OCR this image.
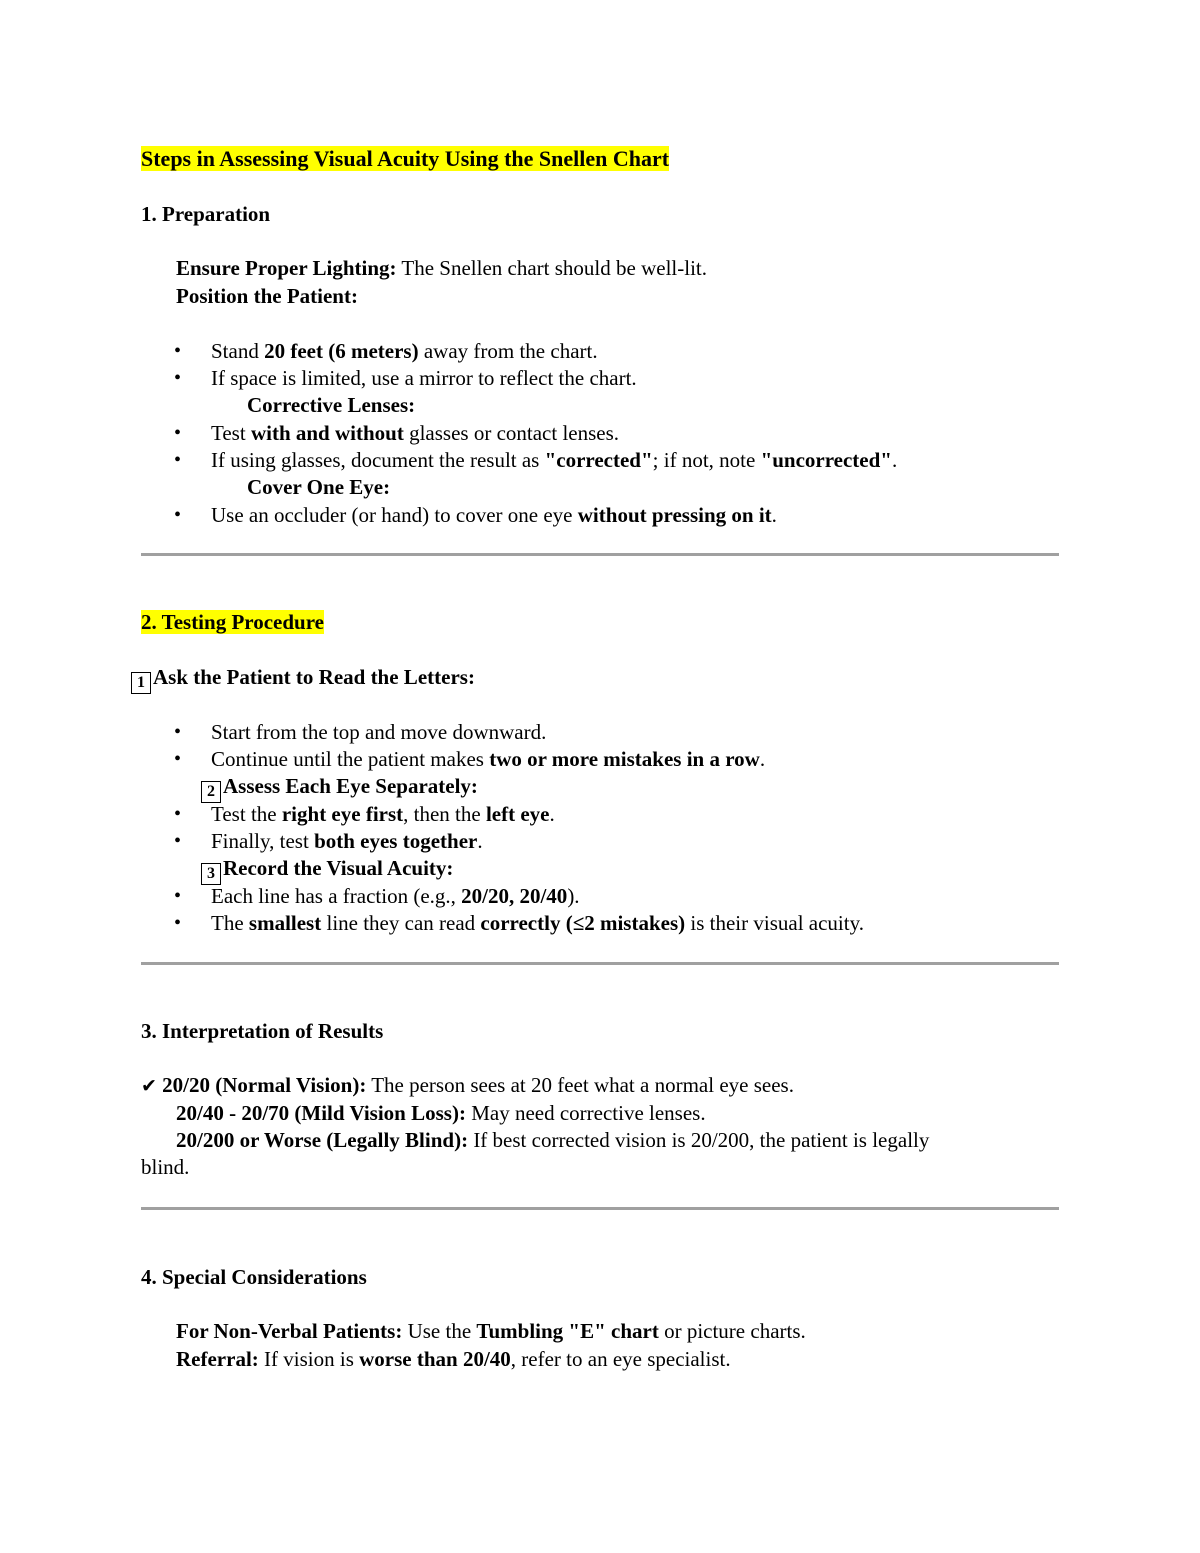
Steps in Assessing Visual Acuity Using the Snellen Chart
1. Preparation
Ensure Proper Lighting: The Snellen chart should be well-lit.
Position the Patient:
• Stand 20 feet (6 meters) away from the chart.
• If space is limited, use a mirror to reflect the chart.
Corrective Lenses:
• Test with and without glasses or contact lenses.
• If using glasses, document the result as "corrected"; if not, note "uncorrected".
Cover One Eye:
• Use an occluder (or hand) to cover one eye without pressing on it.
2. Testing Procedure
1 Ask the Patient to Read the Letters:
• Start from the top and move downward.
• Continue until the patient makes two or more mistakes in a row.
2 Assess Each Eye Separately:
• Test the right eye first, then the left eye.
• Finally, test both eyes together.
3 Record the Visual Acuity:
• Each line has a fraction (e.g., 20/20, 20/40).
• The smallest line they can read correctly (≤2 mistakes) is their visual acuity.
3. Interpretation of Results
✔ 20/20 (Normal Vision): The person sees at 20 feet what a normal eye sees.
20/40 - 20/70 (Mild Vision Loss): May need corrective lenses.
20/200 or Worse (Legally Blind): If best corrected vision is 20/200, the patient is legally
blind.
4. Special Considerations
For Non-Verbal Patients: Use the Tumbling "E" chart or picture charts.
Referral: If vision is worse than 20/40, refer to an eye specialist.
